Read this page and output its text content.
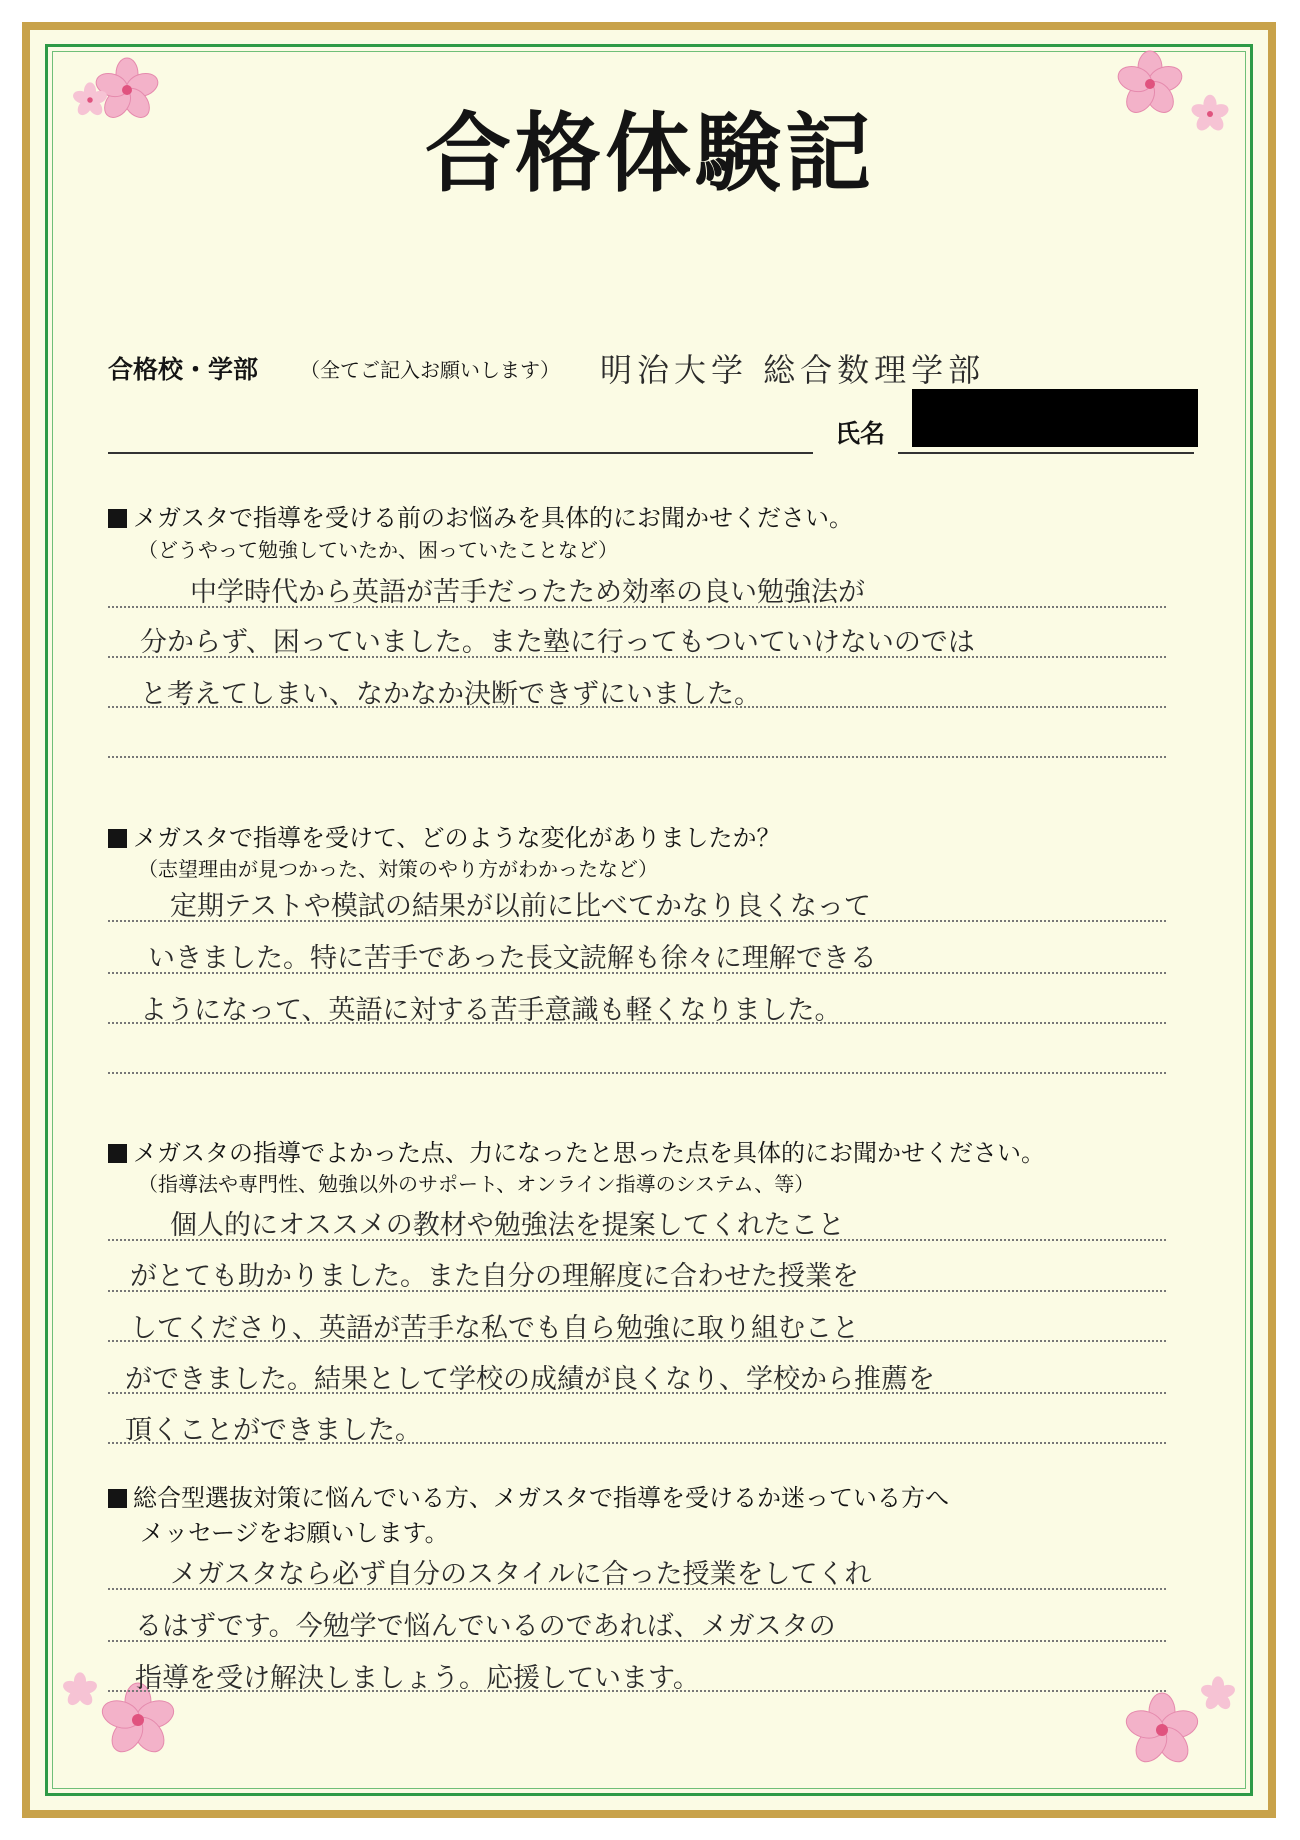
合格体験記
合格校・学部 （全てご記入お願いします） 明治大学 総合数理学部
氏名
メガスタで指導を受ける前のお悩みを具体的にお聞かせください。
（どうやって勉強していたか、困っていたことなど）
中学時代から英語が苦手だったため効率の良い勉強法が
分からず、困っていました。また塾に行ってもついていけないのでは
と考えてしまい、なかなか決断できずにいました。
メガスタで指導を受けて、どのような変化がありましたか？
（志望理由が見つかった、対策のやり方がわかったなど）
定期テストや模試の結果が以前に比べてかなり良くなって
いきました。特に苦手であった長文読解も徐々に理解できる
ようになって、英語に対する苦手意識も軽くなりました。
メガスタの指導でよかった点、力になったと思った点を具体的にお聞かせください。
（指導法や専門性、勉強以外のサポート、オンライン指導のシステム、等）
個人的にオススメの教材や勉強法を提案してくれたこと
がとても助かりました。また自分の理解度に合わせた授業を
してくださり、英語が苦手な私でも自ら勉強に取り組むこと
ができました。結果として学校の成績が良くなり、学校から推薦を
頂くことができました。
総合型選抜対策に悩んでいる方、メガスタで指導を受けるか迷っている方へ
メッセージをお願いします。
メガスタなら必ず自分のスタイルに合った授業をしてくれ
るはずです。今勉学で悩んでいるのであれば、メガスタの
指導を受け解決しましょう。応援しています。
